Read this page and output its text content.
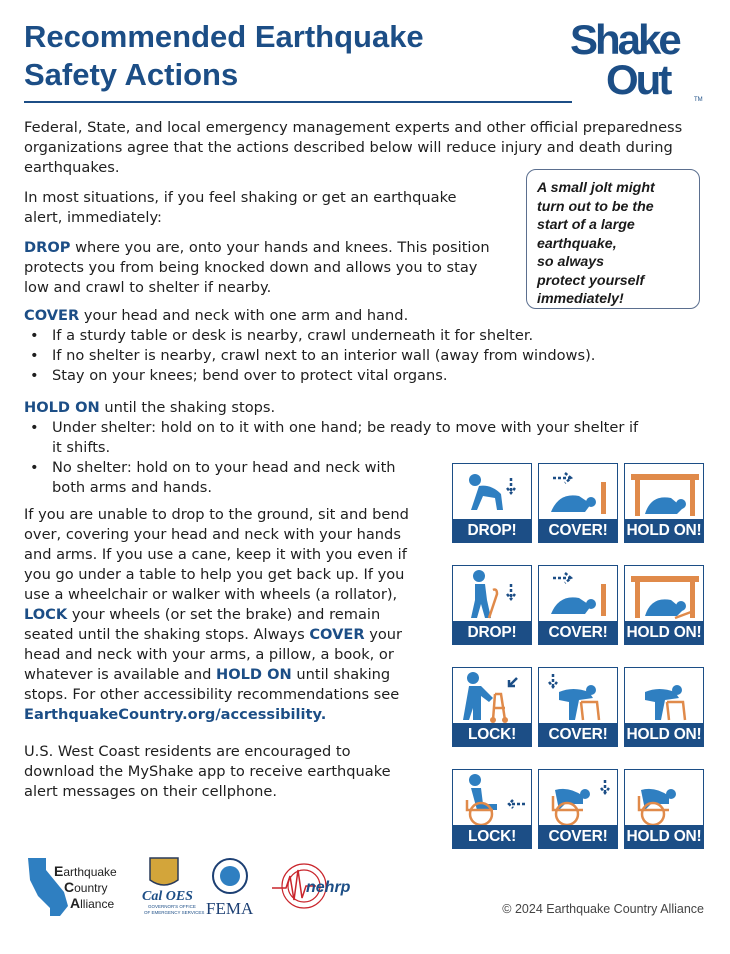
Recommended Earthquake
Safety Actions
Shake
Out	TM

Federal, State, and local emergency management experts and other official preparedness organizations agree that the actions described below will reduce injury and death during earthquakes.

In most situations, if you feel shaking or get an earthquake alert, immediately:

A small jolt might
turn out to be the
start of a large
earthquake,
so always
protect yourself
immediately!

DROP where you are, onto your hands and knees. This position

protects you from being knocked down and allows you to stay

low and crawl to shelter if nearby.

COVER your head and neck with one arm and hand.

• If a sturdy table or desk is nearby, crawl underneath it for shelter.
• If no shelter is nearby, crawl next to an interior wall (away from windows).
• Stay on your knees; bend over to protect vital organs.

HOLD ON until the shaking stops.

• Under shelter: hold on to it with one hand; be ready to move with your shelter if
it shifts.
• No shelter: hold on to your head and neck with
both arms and hands.

If you are unable to drop to the ground, sit and bend

over, covering your head and neck with your hands

and arms. If you use a cane, keep it with you even if

you go under a table to help you get back up. If you

use a wheelchair or walker with wheels (a rollator),

LOCK your wheels (or set the brake) and remain

seated until the shaking stops. Always COVER your

head and neck with your arms, a pillow, a book, or

whatever is available and HOLD ON until shaking

stops. For other accessibility recommendations see

EarthquakeCountry.org/accessibility.

U.S. West Coast residents are encouraged to

download the MyShake app to receive earthquake

alert messages on their cellphone.

DROP!	COVER!	HOLD ON!
DROP!	COVER!	HOLD ON!
LOCK!	COVER!	HOLD ON!
LOCK!	COVER!	HOLD ON!
Earthquake
Country
Alliance Cal OES
GOVERNOR'S OFFICE
OF EMERGENCY SERVICES FEMA
nehrp
© 2024 Earthquake Country Alliance
